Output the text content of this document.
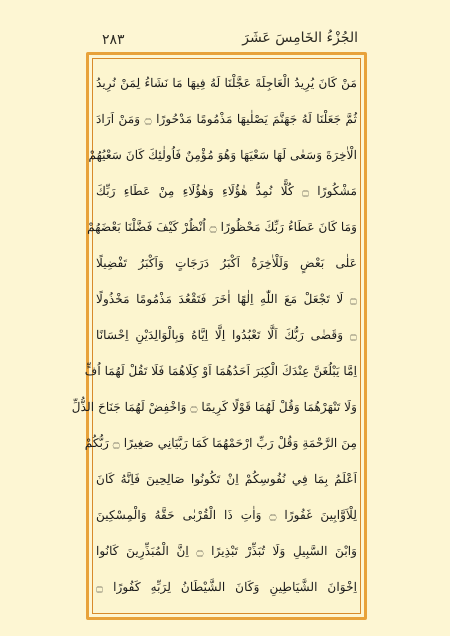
٢٨٣	الجُزْءُ الخَامِسَ عَشَرَ
مَنْ كَانَ يُرِيدُ الْعَاجِلَةَ عَجَّلْنَا لَهُ فِيهَا مَا نَشَاءُ لِمَنْ نُرِيدُ
ثُمَّ جَعَلْنَا لَهُ جَهَنَّمَ يَصْلٰيهَا مَذْمُومًا مَدْحُورًا ۝ وَمَنْ اَرَادَ
الْاٰخِرَةَ وَسَعٰى لَهَا سَعْيَهَا وَهُوَ مُؤْمِنٌ فَاُولٰئِكَ كَانَ سَعْيُهُمْ
مَشْكُورًا ۝ كُلًّا نُمِدُّ هٰؤُلَاءِ وَهٰؤُلَاءِ مِنْ عَطَاءِ رَبِّكَ
وَمَا كَانَ عَطَاءُ رَبِّكَ مَحْظُورًا ۝ اُنْظُرْ كَيْفَ فَضَّلْنَا بَعْضَهُمْ
عَلٰى بَعْضٍ وَلَلْاٰخِرَةُ اَكْبَرُ دَرَجَاتٍ وَاَكْبَرُ تَفْضِيلًا
۝ لَا تَجْعَلْ مَعَ اللّٰهِ اِلٰهًا اٰخَرَ فَتَقْعُدَ مَذْمُومًا مَخْذُولًا
۝ وَقَضٰى رَبُّكَ اَلَّا تَعْبُدُوا اِلَّا اِيَّاهُ وَبِالْوَالِدَيْنِ اِحْسَانًا
اِمَّا يَبْلُغَنَّ عِنْدَكَ الْكِبَرَ اَحَدُهُمَا اَوْ كِلَاهُمَا فَلَا تَقُلْ لَهُمَا اُفٍّ
وَلَا تَنْهَرْهُمَا وَقُلْ لَهُمَا قَوْلًا كَرِيمًا ۝ وَاخْفِضْ لَهُمَا جَنَاحَ الذُّلِّ
مِنَ الرَّحْمَةِ وَقُلْ رَبِّ ارْحَمْهُمَا كَمَا رَبَّيَانِي صَغِيرًا ۝ رَبُّكُمْ
اَعْلَمُ بِمَا فِي نُفُوسِكُمْ اِنْ تَكُونُوا صَالِحِينَ فَاِنَّهُ كَانَ
لِلْاَوَّابِينَ غَفُورًا ۝ وَاٰتِ ذَا الْقُرْبٰى حَقَّهُ وَالْمِسْكِينَ
وَابْنَ السَّبِيلِ وَلَا تُبَذِّرْ تَبْذِيرًا ۝ اِنَّ الْمُبَذِّرِينَ كَانُوا
اِخْوَانَ الشَّيَاطِينِ وَكَانَ الشَّيْطَانُ لِرَبِّهِ كَفُورًا ۝
